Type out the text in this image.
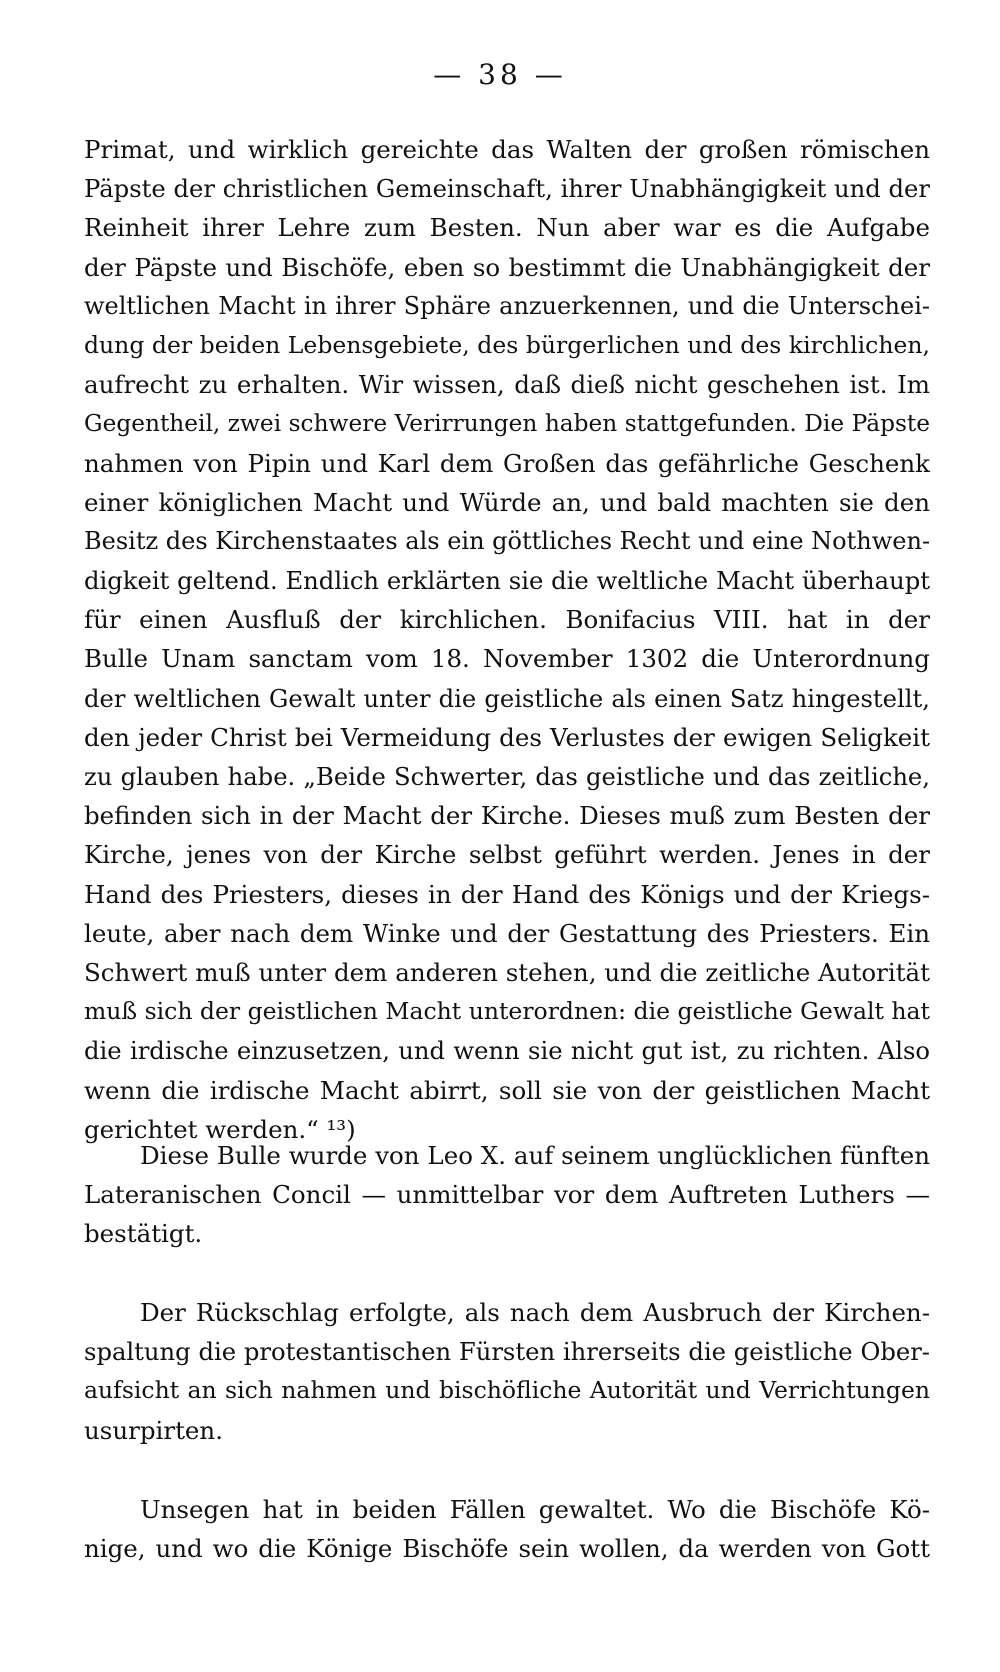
— 38 —
Primat, und wirklich gereichte das Walten der großen römischen
Päpste der christlichen Gemeinschaft, ihrer Unabhängigkeit und der
Reinheit ihrer Lehre zum Besten. Nun aber war es die Aufgabe
der Päpste und Bischöfe, eben so bestimmt die Unabhängigkeit der
weltlichen Macht in ihrer Sphäre anzuerkennen, und die Unterschei-
dung der beiden Lebensgebiete, des bürgerlichen und des kirchlichen,
aufrecht zu erhalten. Wir wissen, daß dieß nicht geschehen ist. Im
Gegentheil, zwei schwere Verirrungen haben stattgefunden. Die Päpste
nahmen von Pipin und Karl dem Großen das gefährliche Geschenk
einer königlichen Macht und Würde an, und bald machten sie den
Besitz des Kirchenstaates als ein göttliches Recht und eine Nothwen-
digkeit geltend. Endlich erklärten sie die weltliche Macht überhaupt
für einen Ausfluß der kirchlichen. Bonifacius VIII. hat in der
Bulle Unam sanctam vom 18. November 1302 die Unterordnung
der weltlichen Gewalt unter die geistliche als einen Satz hingestellt,
den jeder Christ bei Vermeidung des Verlustes der ewigen Seligkeit
zu glauben habe. „Beide Schwerter, das geistliche und das zeitliche,
befinden sich in der Macht der Kirche. Dieses muß zum Besten der
Kirche, jenes von der Kirche selbst geführt werden. Jenes in der
Hand des Priesters, dieses in der Hand des Königs und der Kriegs-
leute, aber nach dem Winke und der Gestattung des Priesters. Ein
Schwert muß unter dem anderen stehen, und die zeitliche Autorität
muß sich der geistlichen Macht unterordnen: die geistliche Gewalt hat
die irdische einzusetzen, und wenn sie nicht gut ist, zu richten. Also
wenn die irdische Macht abirrt, soll sie von der geistlichen Macht
gerichtet werden.“ ¹³)
Diese Bulle wurde von Leo X. auf seinem unglücklichen fünften
Lateranischen Concil — unmittelbar vor dem Auftreten Luthers —
bestätigt.
Der Rückschlag erfolgte, als nach dem Ausbruch der Kirchen-
spaltung die protestantischen Fürsten ihrerseits die geistliche Ober-
aufsicht an sich nahmen und bischöfliche Autorität und Verrichtungen
usurpirten.
Unsegen hat in beiden Fällen gewaltet. Wo die Bischöfe Kö-
nige, und wo die Könige Bischöfe sein wollen, da werden von Gott
